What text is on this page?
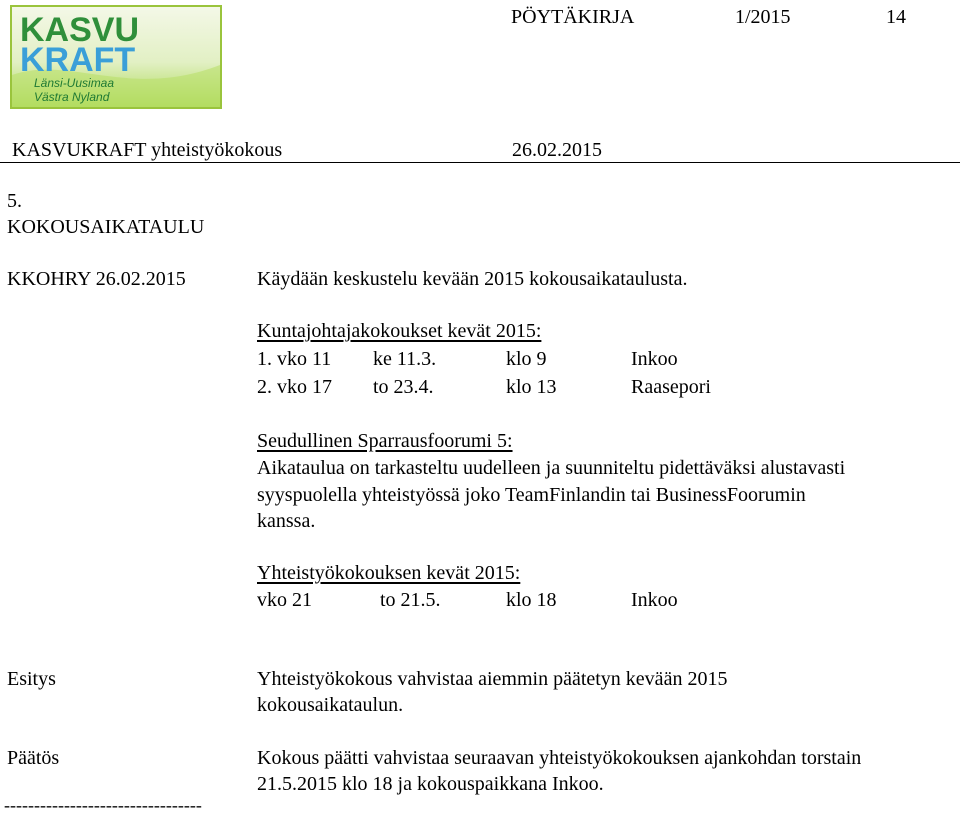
KASVU
KRAFT
Länsi-Uusimaa
Västra Nyland
PÖYTÄKIRJA	1/2015	14
KASVUKRAFT yhteistyökokous	26.02.2015
5.
KOKOUSAIKATAULU
KKOHRY 26.02.2015	Käydään keskustelu kevään 2015 kokousaikataulusta.
Kuntajohtajakokoukset kevät 2015:
1. vko 11 ke 11.3.	klo 9	Inkoo
2. vko 17 to 23.4.	klo 13	Raasepori
Seudullinen Sparrausfoorumi 5:
Aikataulua on tarkasteltu uudelleen ja suunniteltu pidettäväksi alustavasti
syyspuolella yhteistyössä joko TeamFinlandin tai BusinessFoorumin
kanssa.
Yhteistyökokouksen kevät 2015:
vko 21	to 21.5.	klo 18	Inkoo
Esitys	Yhteistyökokous vahvistaa aiemmin päätetyn kevään 2015
kokousaikataulun.
Päätös	Kokous päätti vahvistaa seuraavan yhteistyökokouksen ajankohdan torstain
21.5.2015 klo 18 ja kokouspaikkana Inkoo.
---------------------------------
